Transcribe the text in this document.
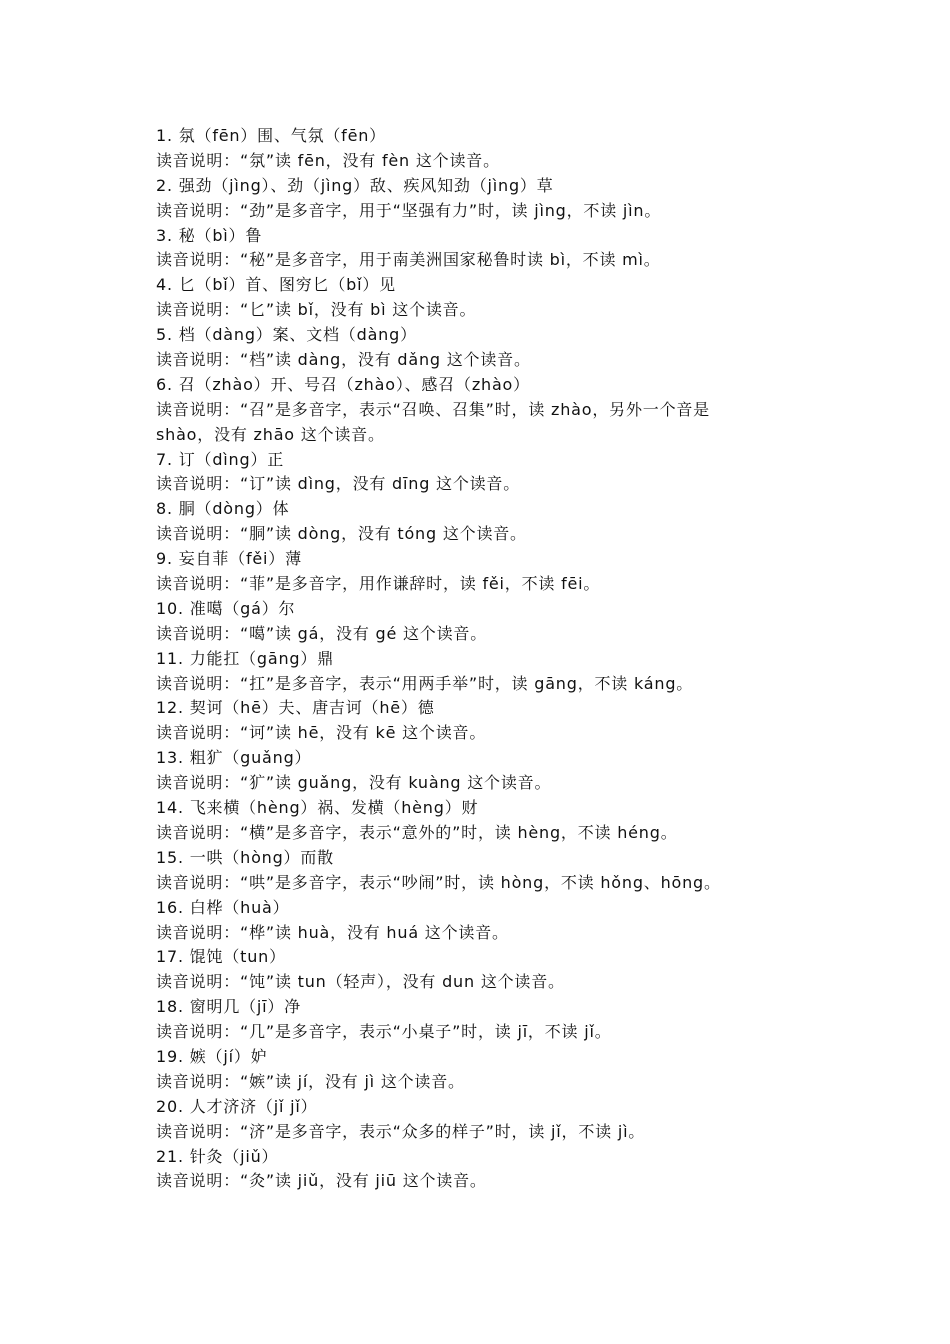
1. 氛（fēn）围、气氛（fēn）
读音说明：“氛”读 fēn，没有 fèn 这个读音。
2. 强劲（jìng）、劲（jìng）敌、疾风知劲（jìng）草
读音说明：“劲”是多音字，用于“坚强有力”时，读 jìng，不读 jìn。
3. 秘（bì）鲁
读音说明：“秘”是多音字，用于南美洲国家秘鲁时读 bì，不读 mì。
4. 匕（bǐ）首、图穷匕（bǐ）见
读音说明：“匕”读 bǐ，没有 bì 这个读音。
5. 档（dàng）案、文档（dàng）
读音说明：“档”读 dàng，没有 dǎng 这个读音。
6. 召（zhào）开、号召（zhào）、感召（zhào）
读音说明：“召”是多音字，表示“召唤、召集”时，读 zhào，另外一个音是
shào，没有 zhāo 这个读音。
7. 订（dìng）正
读音说明：“订”读 dìng，没有 dīng 这个读音。
8. 胴（dòng）体
读音说明：“胴”读 dòng，没有 tóng 这个读音。
9. 妄自菲（fěi）薄
读音说明：“菲”是多音字，用作谦辞时，读 fěi，不读 fēi。
10. 准噶（gá）尔
读音说明：“噶”读 gá，没有 gé 这个读音。
11. 力能扛（gāng）鼎
读音说明：“扛”是多音字，表示“用两手举”时，读 gāng，不读 káng。
12. 契诃（hē）夫、唐吉诃（hē）德
读音说明：“诃”读 hē，没有 kē 这个读音。
13. 粗犷（guǎng）
读音说明：“犷”读 guǎng，没有 kuàng 这个读音。
14. 飞来横（hèng）祸、发横（hèng）财
读音说明：“横”是多音字，表示“意外的”时，读 hèng，不读 héng。
15. 一哄（hòng）而散
读音说明：“哄”是多音字，表示“吵闹”时，读 hòng，不读 hǒng、hōng。
16. 白桦（huà）
读音说明：“桦”读 huà，没有 huá 这个读音。
17. 馄饨（tun）
读音说明：“饨”读 tun（轻声），没有 dun 这个读音。
18. 窗明几（jī）净
读音说明：“几”是多音字，表示“小桌子”时，读 jī，不读 jǐ。
19. 嫉（jí）妒
读音说明：“嫉”读 jí，没有 jì 这个读音。
20. 人才济济（jǐ jǐ）
读音说明：“济”是多音字，表示“众多的样子”时，读 jǐ，不读 jì。
21. 针灸（jiǔ）
读音说明：“灸”读 jiǔ，没有 jiū 这个读音。
